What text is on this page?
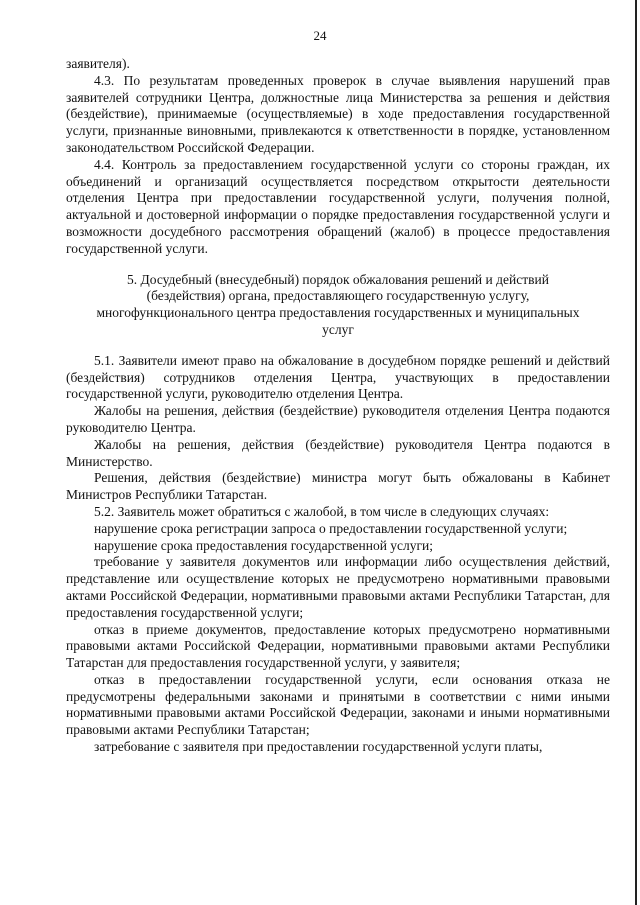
24

заявителя).

4.3. По результатам проведенных проверок в случае выявления нарушений прав заявителей сотрудники Центра, должностные лица Министерства за решения и действия (бездействие), принимаемые (осуществляемые) в ходе предоставления государственной услуги, признанные виновными, привлекаются к ответственности в порядке, установленном законодательством Российской Федерации.

4.4. Контроль за предоставлением государственной услуги со стороны граждан, их объединений и организаций осуществляется посредством открытости деятельности отделения Центра при предоставлении государственной услуги, получения полной, актуальной и достоверной информации о порядке предоставления государственной услуги и возможности досудебного рассмотрения обращений (жалоб) в процессе предоставления государственной услуги.

5. Досудебный (внесудебный) порядок обжалования решений и действий
(бездействия) органа, предоставляющего государственную услугу,
многофункционального центра предоставления государственных и муниципальных
услуг

5.1. Заявители имеют право на обжалование в досудебном порядке решений и действий (бездействия) сотрудников отделения Центра, участвующих в предоставлении государственной услуги, руководителю отделения Центра.

Жалобы на решения, действия (бездействие) руководителя отделения Центра подаются руководителю Центра.

Жалобы на решения, действия (бездействие) руководителя Центра подаются в Министерство.

Решения, действия (бездействие) министра могут быть обжалованы в Кабинет Министров Республики Татарстан.

5.2. Заявитель может обратиться с жалобой, в том числе в следующих случаях:

нарушение срока регистрации запроса о предоставлении государственной услуги;

нарушение срока предоставления государственной услуги;

требование у заявителя документов или информации либо осуществления действий, представление или осуществление которых не предусмотрено нормативными правовыми актами Российской Федерации, нормативными правовыми актами Республики Татарстан, для предоставления государственной услуги;

отказ в приеме документов, предоставление которых предусмотрено нормативными правовыми актами Российской Федерации, нормативными правовыми актами Республики Татарстан для предоставления государственной услуги, у заявителя;

отказ в предоставлении государственной услуги, если основания отказа не предусмотрены федеральными законами и принятыми в соответствии с ними иными нормативными правовыми актами Российской Федерации, законами и иными нормативными правовыми актами Республики Татарстан;

затребование с заявителя при предоставлении государственной услуги платы,
